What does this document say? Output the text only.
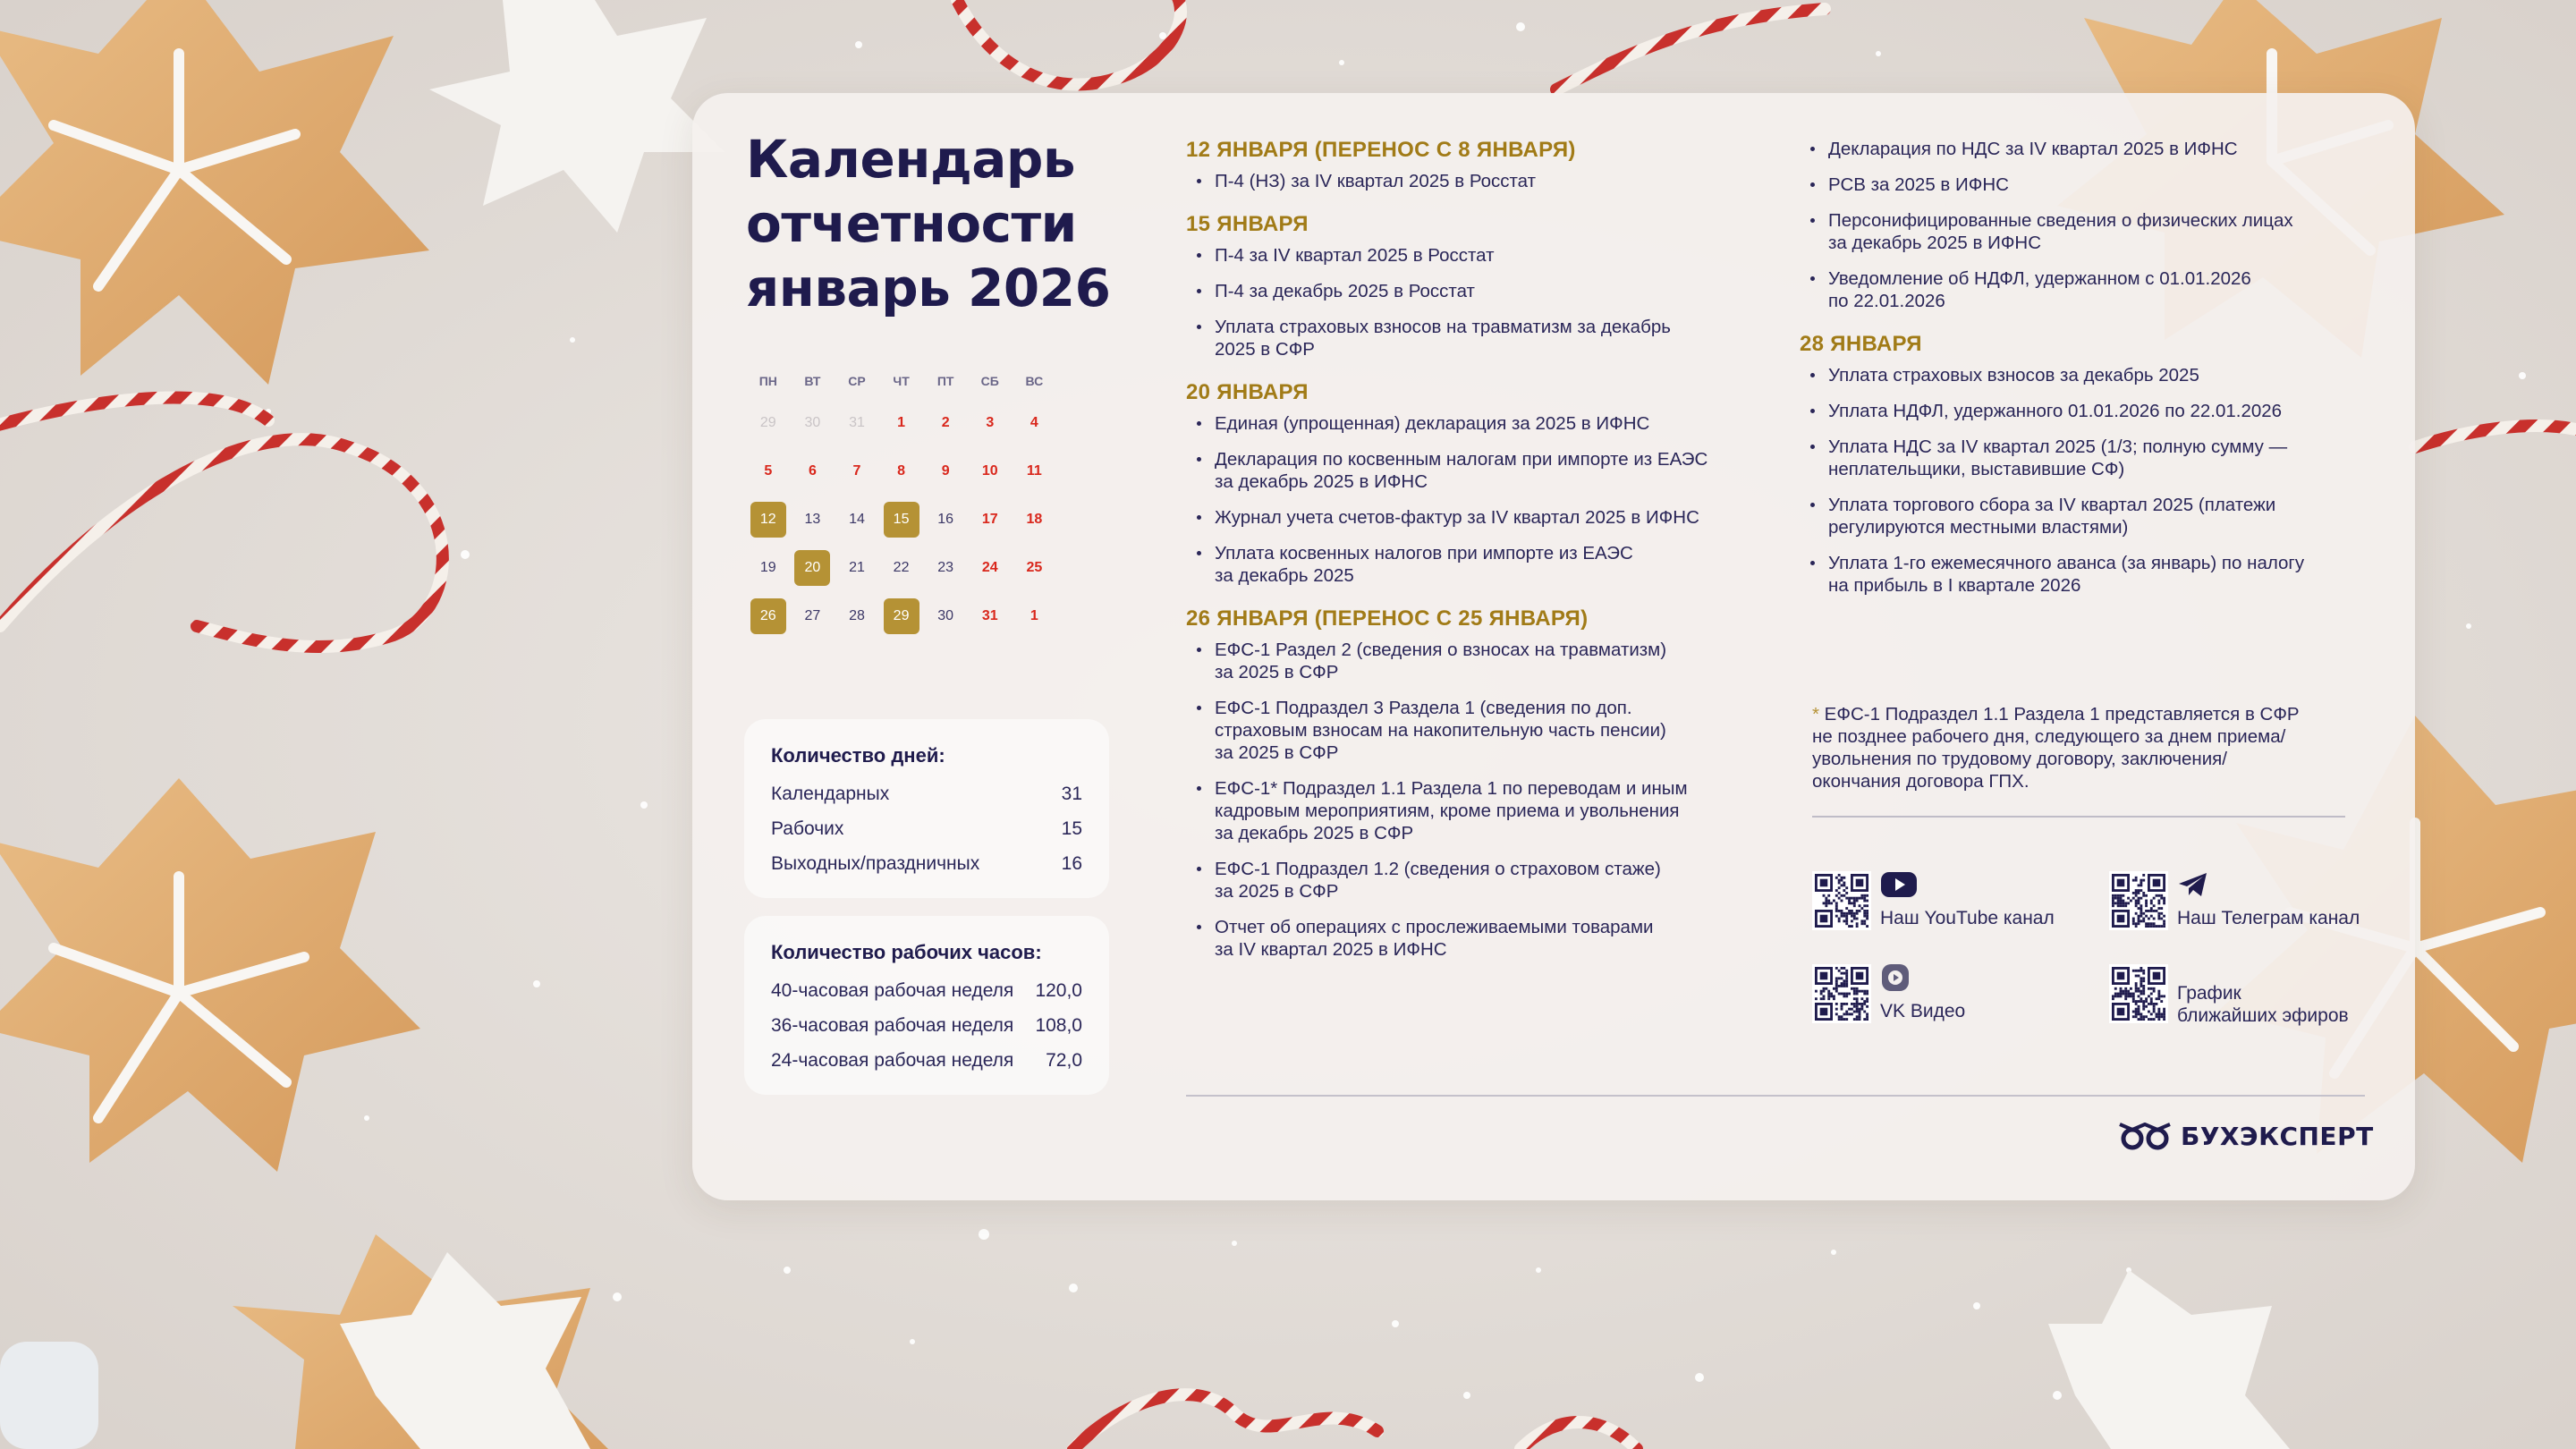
Календарь
отчетности
январь 2026
ПН	ВТ	СР	ЧТ	ПТ	СБ	ВС
29	30	31	1	2	3	4
5	6	7	8	9	10	11
12	13	14	15	16	17	18
19	20	21	22	23	24	25
26	27	28	29	30	31	1
Количество дней:
Календарных	31
Рабочих	15
Выходных/праздничных	16
Количество рабочих часов:
40-часовая рабочая неделя 120,0
36-часовая рабочая неделя 108,0
24-часовая рабочая неделя 72,0
12 ЯНВАРЯ (ПЕРЕНОС С 8 ЯНВАРЯ)
П-4 (НЗ) за IV квартал 2025 в Росстат
15 ЯНВАРЯ
П-4 за IV квартал 2025 в Росстат
П-4 за декабрь 2025 в Росстат
Уплата страховых взносов на травматизм за декабрь
2025 в СФР
20 ЯНВАРЯ
Единая (упрощенная) декларация за 2025 в ИФНС
Декларация по косвенным налогам при импорте из ЕАЭС
за декабрь 2025 в ИФНС
Журнал учета счетов-фактур за IV квартал 2025 в ИФНС
Уплата косвенных налогов при импорте из ЕАЭС
за декабрь 2025
26 ЯНВАРЯ (ПЕРЕНОС С 25 ЯНВАРЯ)
ЕФС-1 Раздел 2 (сведения о взносах на травматизм)
за 2025 в СФР
ЕФС-1 Подраздел 3 Раздела 1 (сведения по доп.
страховым взносам на накопительную часть пенсии)
за 2025 в СФР
ЕФС-1* Подраздел 1.1 Раздела 1 по переводам и иным
кадровым мероприятиям, кроме приема и увольнения
за декабрь 2025 в СФР
ЕФС-1 Подраздел 1.2 (сведения о страховом стаже)
за 2025 в СФР
Отчет об операциях с прослеживаемыми товарами
за IV квартал 2025 в ИФНС
Декларация по НДС за IV квартал 2025 в ИФНС
РСВ за 2025 в ИФНС
Персонифицированные сведения о физических лицах
за декабрь 2025 в ИФНС
Уведомление об НДФЛ, удержанном с 01.01.2026
по 22.01.2026
28 ЯНВАРЯ
Уплата страховых взносов за декабрь 2025
Уплата НДФЛ, удержанного 01.01.2026 по 22.01.2026
Уплата НДС за IV квартал 2025 (1/3; полную сумму —
неплательщики, выставившие СФ)
Уплата торгового сбора за IV квартал 2025 (платежи
регулируются местными властями)
Уплата 1-го ежемесячного аванса (за январь) по налогу
на прибыль в I квартале 2026
* ЕФС-1 Подраздел 1.1 Раздела 1 представляется в СФР
не позднее рабочего дня, следующего за днем приема/
увольнения по трудовому договору, заключения/
окончания договора ГПХ.
Наш YouTube канал	Наш Телеграм канал
VK Видео
График
ближайших эфиров
БУХЭКСПЕРТ
